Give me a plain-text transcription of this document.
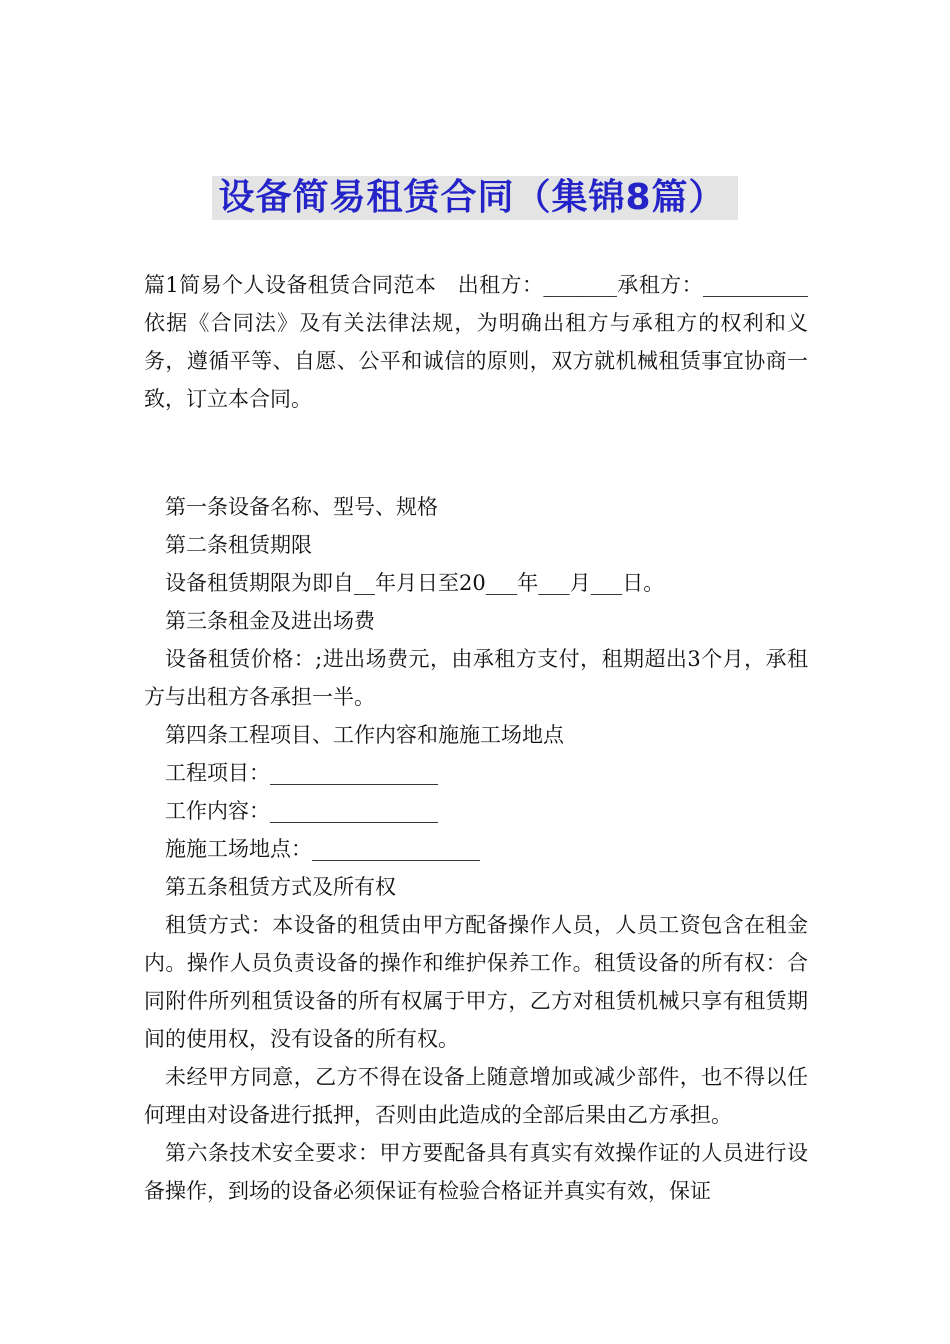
设备简易租赁合同（集锦8篇）

篇1简易个人设备租赁合同范本　出租方：_______承租方：__________依据《合同法》及有关法律法规，为明确出租方与承租方的权利和义务，遵循平等、自愿、公平和诚信的原则，双方就机械租赁事宜协商一致，订立本合同。

第一条设备名称、型号、规格

第二条租赁期限

设备租赁期限为即自__年月日至20___年___月___日。

第三条租金及进出场费

设备租赁价格：;进出场费元，由承租方支付，租期超出3个月，承租方与出租方各承担一半。

第四条工程项目、工作内容和施施工场地点

工程项目：________________

工作内容：________________

施施工场地点：________________

第五条租赁方式及所有权

租赁方式：本设备的租赁由甲方配备操作人员，人员工资包含在租金内。操作人员负责设备的操作和维护保养工作。租赁设备的所有权：合同附件所列租赁设备的所有权属于甲方，乙方对租赁机械只享有租赁期间的使用权，没有设备的所有权。

未经甲方同意，乙方不得在设备上随意增加或减少部件，也不得以任何理由对设备进行抵押，否则由此造成的全部后果由乙方承担。

第六条技术安全要求：甲方要配备具有真实有效操作证的人员进行设备操作，到场的设备必须保证有检验合格证并真实有效，保证
